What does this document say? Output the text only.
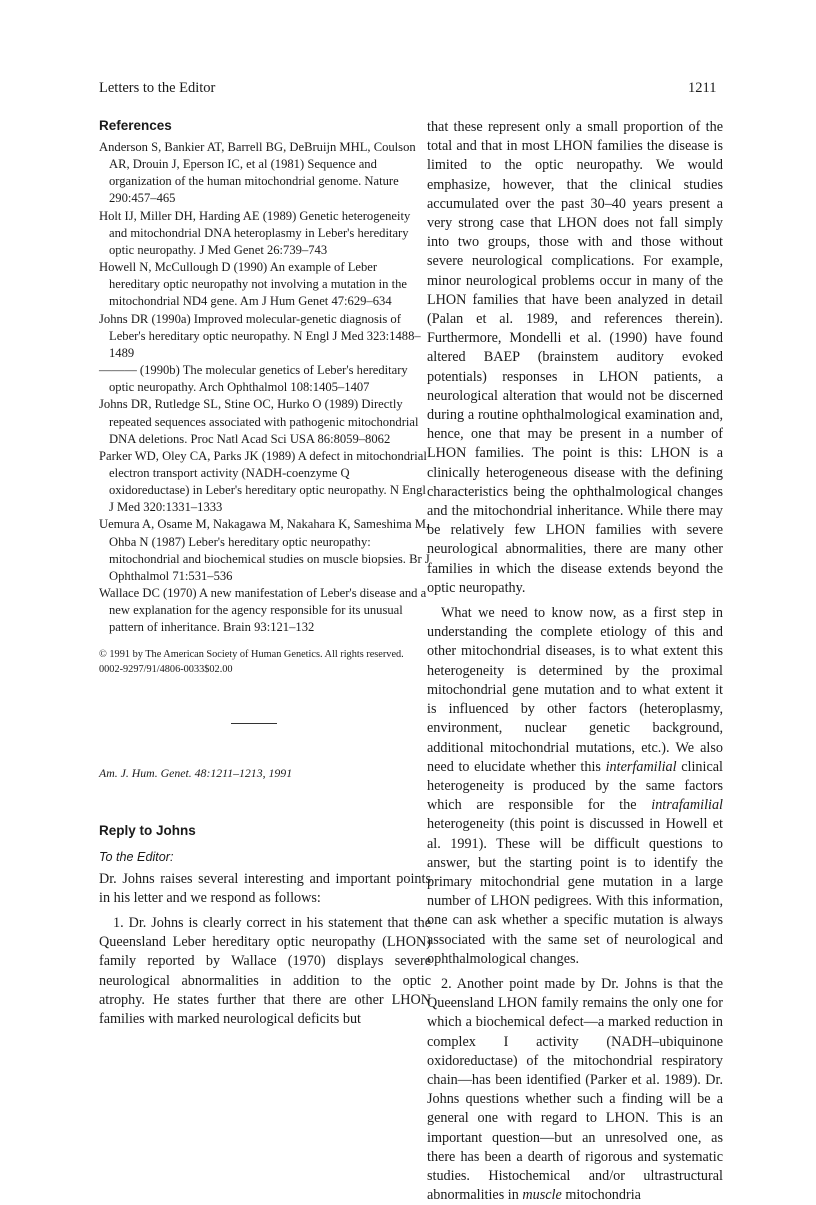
Letters to the Editor	1211
References

Anderson S, Bankier AT, Barrell BG, DeBruijn MHL, Coulson AR, Drouin J, Eperson IC, et al (1981) Sequence and organization of the human mitochondrial genome. Nature 290:457–465

Holt IJ, Miller DH, Harding AE (1989) Genetic heterogeneity and mitochondrial DNA heteroplasmy in Leber's hereditary optic neuropathy. J Med Genet 26:739–743

Howell N, McCullough D (1990) An example of Leber hereditary optic neuropathy not involving a mutation in the mitochondrial ND4 gene. Am J Hum Genet 47:629–634

Johns DR (1990a) Improved molecular-genetic diagnosis of Leber's hereditary optic neuropathy. N Engl J Med 323:1488–1489

——— (1990b) The molecular genetics of Leber's hereditary optic neuropathy. Arch Ophthalmol 108:1405–1407

Johns DR, Rutledge SL, Stine OC, Hurko O (1989) Directly repeated sequences associated with pathogenic mitochondrial DNA deletions. Proc Natl Acad Sci USA 86:8059–8062

Parker WD, Oley CA, Parks JK (1989) A defect in mitochondrial electron transport activity (NADH-coenzyme Q oxidoreductase) in Leber's hereditary optic neuropathy. N Engl J Med 320:1331–1333

Uemura A, Osame M, Nakagawa M, Nakahara K, Sameshima M, Ohba N (1987) Leber's hereditary optic neuropathy: mitochondrial and biochemical studies on muscle biopsies. Br J Ophthalmol 71:531–536

Wallace DC (1970) A new manifestation of Leber's disease and a new explanation for the agency responsible for its unusual pattern of inheritance. Brain 93:121–132

© 1991 by The American Society of Human Genetics. All rights reserved.
0002-9297/91/4806-0033$02.00
Am. J. Hum. Genet. 48:1211–1213, 1991
Reply to Johns
To the Editor:

Dr. Johns raises several interesting and important points in his letter and we respond as follows:

1. Dr. Johns is clearly correct in his statement that the Queensland Leber hereditary optic neuropathy (LHON) family reported by Wallace (1970) displays severe neurological abnormalities in addition to the optic atrophy. He states further that there are other LHON families with marked neurological deficits but

that these represent only a small proportion of the total and that in most LHON families the disease is limited to the optic neuropathy. We would emphasize, however, that the clinical studies accumulated over the past 30–40 years present a very strong case that LHON does not fall simply into two groups, those with and those without severe neurological complications. For example, minor neurological problems occur in many of the LHON families that have been analyzed in detail (Palan et al. 1989, and references therein). Furthermore, Mondelli et al. (1990) have found altered BAEP (brainstem auditory evoked potentials) responses in LHON patients, a neurological alteration that would not be discerned during a routine ophthalmological examination and, hence, one that may be present in a number of LHON families. The point is this: LHON is a clinically heterogeneous disease with the defining characteristics being the ophthalmological changes and the mitochondrial inheritance. While there may be relatively few LHON families with severe neurological abnormalities, there are many other families in which the disease extends beyond the optic neuropathy.

What we need to know now, as a first step in understanding the complete etiology of this and other mitochondrial diseases, is to what extent this heterogeneity is determined by the proximal mitochondrial gene mutation and to what extent it is influenced by other factors (heteroplasmy, environment, nuclear genetic background, additional mitochondrial mutations, etc.). We also need to elucidate whether this interfamilial clinical heterogeneity is produced by the same factors which are responsible for the intrafamilial heterogeneity (this point is discussed in Howell et al. 1991). These will be difficult questions to answer, but the starting point is to identify the primary mitochondrial gene mutation in a large number of LHON pedigrees. With this information, one can ask whether a specific mutation is always associated with the same set of neurological and ophthalmological changes.

2. Another point made by Dr. Johns is that the Queensland LHON family remains the only one for which a biochemical defect—a marked reduction in complex I activity (NADH–ubiquinone oxidoreductase) of the mitochondrial respiratory chain—has been identified (Parker et al. 1989). Dr. Johns questions whether such a finding will be a general one with regard to LHON. This is an important question—but an unresolved one, as there has been a dearth of rigorous and systematic studies. Histochemical and/or ultrastructural abnormalities in muscle mitochondria
